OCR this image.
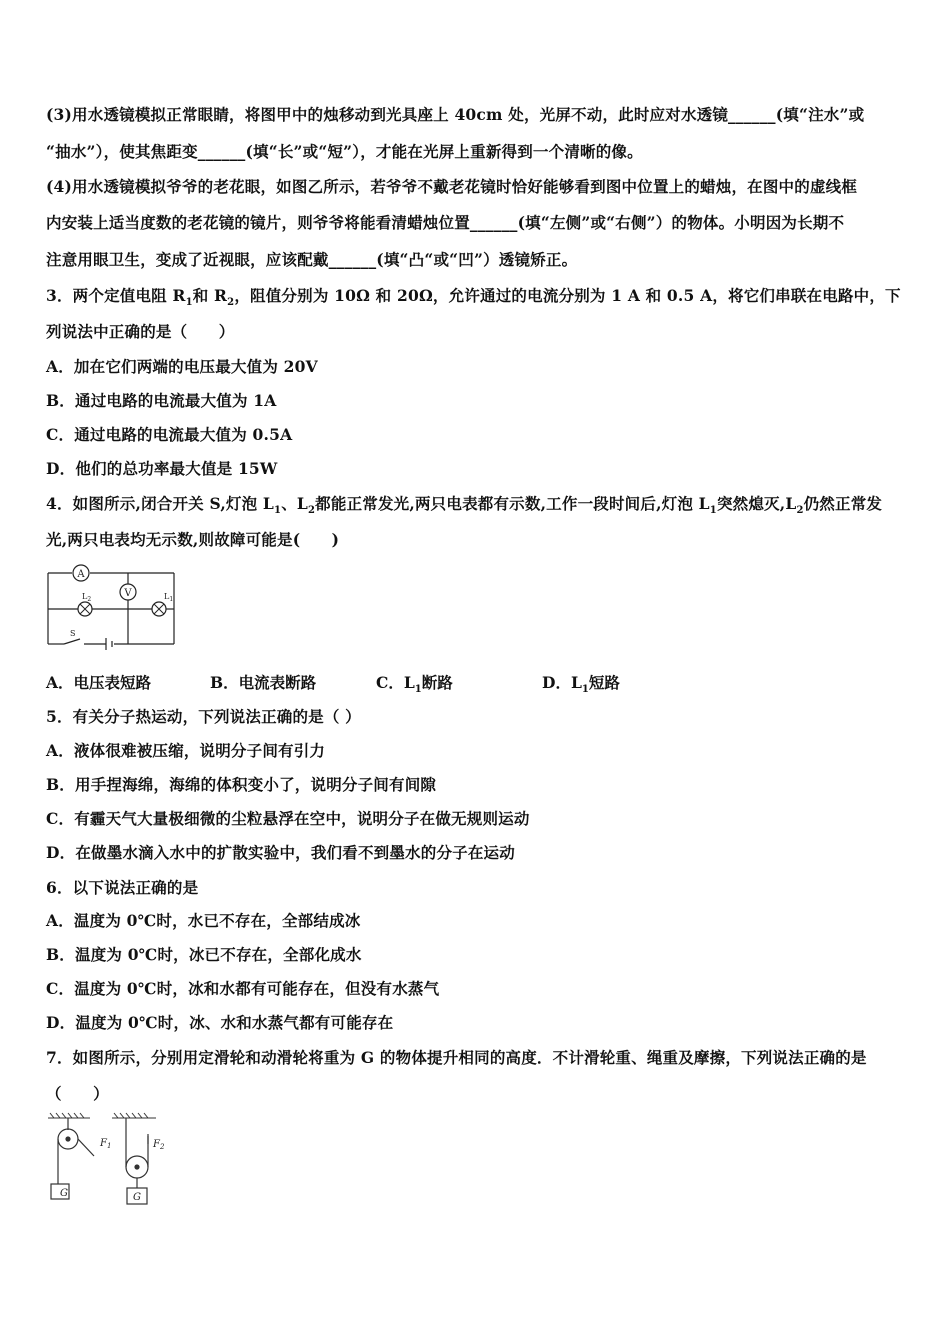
(3)用水透镜模拟正常眼睛，将图甲中的烛移动到光具座上 40cm 处，光屏不动，此时应对水透镜______(填“注水”或
“抽水”），使其焦距变______(填“长”或“短”），才能在光屏上重新得到一个清晰的像。
(4)用水透镜模拟爷爷的老花眼，如图乙所示，若爷爷不戴老花镜时恰好能够看到图中位置上的蜡烛，在图中的虚线框
内安装上适当度数的老花镜的镜片，则爷爷将能看清蜡烛位置______(填“左侧”或“右侧”）的物体。小明因为长期不
注意用眼卫生，变成了近视眼，应该配戴______(填“凸“或“凹”）透镜矫正。
3．两个定值电阻 $R_1$和 $R_2$，阻值分别为 10Ω 和 20Ω，允许通过的电流分别为 1 A 和 0.5 A，将它们串联在电路中，下
列说法中正确的是（　　）
A．加在它们两端的电压最大值为 20V
B．通过电路的电流最大值为 1A
C．通过电路的电流最大值为 0.5A
D．他们的总功率最大值是 15W
4．如图所示,闭合开关 S,灯泡 $L_1$、$L_2$都能正常发光,两只电表都有示数,工作一段时间后,灯泡 $L_1$突然熄灭$,L_2$仍然正常发
光,两只电表均无示数,则故障可能是(　　)
A
V
$L_2$	$L_1$
S
A．电压表短路	B．电流表断路	C．$L_1$断路	D．$L_1$短路
5．有关分子热运动，下列说法正确的是（ ）
A．液体很难被压缩，说明分子间有引力
B．用手捏海绵，海绵的体积变小了，说明分子间有间隙
C．有霾天气大量极细微的尘粒悬浮在空中，说明分子在做无规则运动
D．在做墨水滴入水中的扩散实验中，我们看不到墨水的分子在运动
6．以下说法正确的是
A．温度为 0℃时，水已不存在，全部结成冰
B．温度为 0℃时，冰已不存在，全部化成水
C．温度为 0℃时，冰和水都有可能存在，但没有水蒸气
D．温度为 0℃时，冰、水和水蒸气都有可能存在
7．如图所示，分别用定滑轮和动滑轮将重为 G 的物体提升相同的高度．不计滑轮重、绳重及摩擦，下列说法正确的是
（　　）
G
$F_1$	$F_2$
G
